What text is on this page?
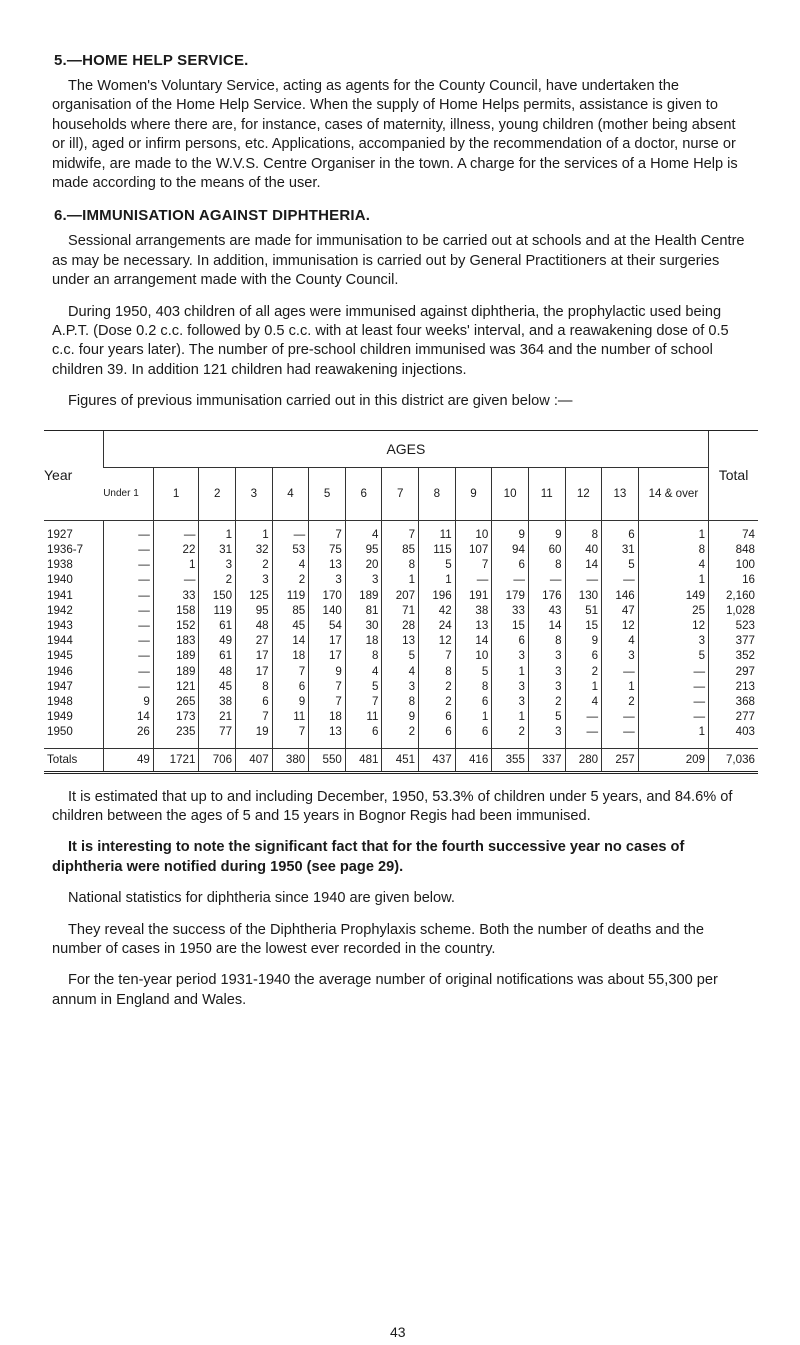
5.—HOME HELP SERVICE.

The Women's Voluntary Service, acting as agents for the County Council, have undertaken the organisation of the Home Help Service. When the supply of Home Helps permits, assistance is given to households where there are, for instance, cases of maternity, illness, young children (mother being absent or ill), aged or infirm persons, etc. Applications, accompanied by the recommendation of a doctor, nurse or midwife, are made to the W.V.S. Centre Organiser in the town. A charge for the services of a Home Help is made according to the means of the user.

6.—IMMUNISATION AGAINST DIPHTHERIA.

Sessional arrangements are made for immunisation to be carried out at schools and at the Health Centre as may be necessary. In addition, immunisation is carried out by General Practitioners at their surgeries under an arrangement made with the County Council.

During 1950, 403 children of all ages were immunised against diphtheria, the prophylactic used being A.P.T. (Dose 0.2 c.c. followed by 0.5 c.c. with at least four weeks' interval, and a reawakening dose of 0.5 c.c. four years later). The number of pre-school children immunised was 364 and the number of school children 39. In addition 121 children had reawakening injections.

Figures of previous immunisation carried out in this district are given below :—

Year	AGES															Total
	Under 1	1	2	3	4	5	6	7	8	9	10	11	12	13	14 & over	
1927	—	—	1	1	—	7	4	7	11	10	9	9	8	6	1	74
1936-7	—	22	31	32	53	75	95	85	115	107	94	60	40	31	8	848
1938	—	1	3	2	4	13	20	8	5	7	6	8	14	5	4	100
1940	—	—	2	3	2	3	3	1	1	—	—	—	—	—	1	16
1941	—	33	150	125	119	170	189	207	196	191	179	176	130	146	149	2,160
1942	—	158	119	95	85	140	81	71	42	38	33	43	51	47	25	1,028
1943	—	152	61	48	45	54	30	28	24	13	15	14	15	12	12	523
1944	—	183	49	27	14	17	18	13	12	14	6	8	9	4	3	377
1945	—	189	61	17	18	17	8	5	7	10	3	3	6	3	5	352
1946	—	189	48	17	7	9	4	4	8	5	1	3	2	—	—	297
1947	—	121	45	8	6	7	5	3	2	8	3	3	1	1	—	213
1948	9	265	38	6	9	7	7	8	2	6	3	2	4	2	—	368
1949	14	173	21	7	11	18	11	9	6	1	1	5	—	—	—	277
1950	26	235	77	19	7	13	6	2	6	6	2	3	—	—	1	403
Totals	49	1721	706	407	380	550	481	451	437	416	355	337	280	257	209	7,036

It is estimated that up to and including December, 1950, 53.3% of children under 5 years, and 84.6% of children between the ages of 5 and 15 years in Bognor Regis had been immunised.

It is interesting to note the significant fact that for the fourth successive year no cases of diphtheria were notified during 1950 (see page 29).

National statistics for diphtheria since 1940 are given below.

They reveal the success of the Diphtheria Prophylaxis scheme. Both the number of deaths and the number of cases in 1950 are the lowest ever recorded in the country.

For the ten-year period 1931-1940 the average number of original notifications was about 55,300 per annum in England and Wales.

43
